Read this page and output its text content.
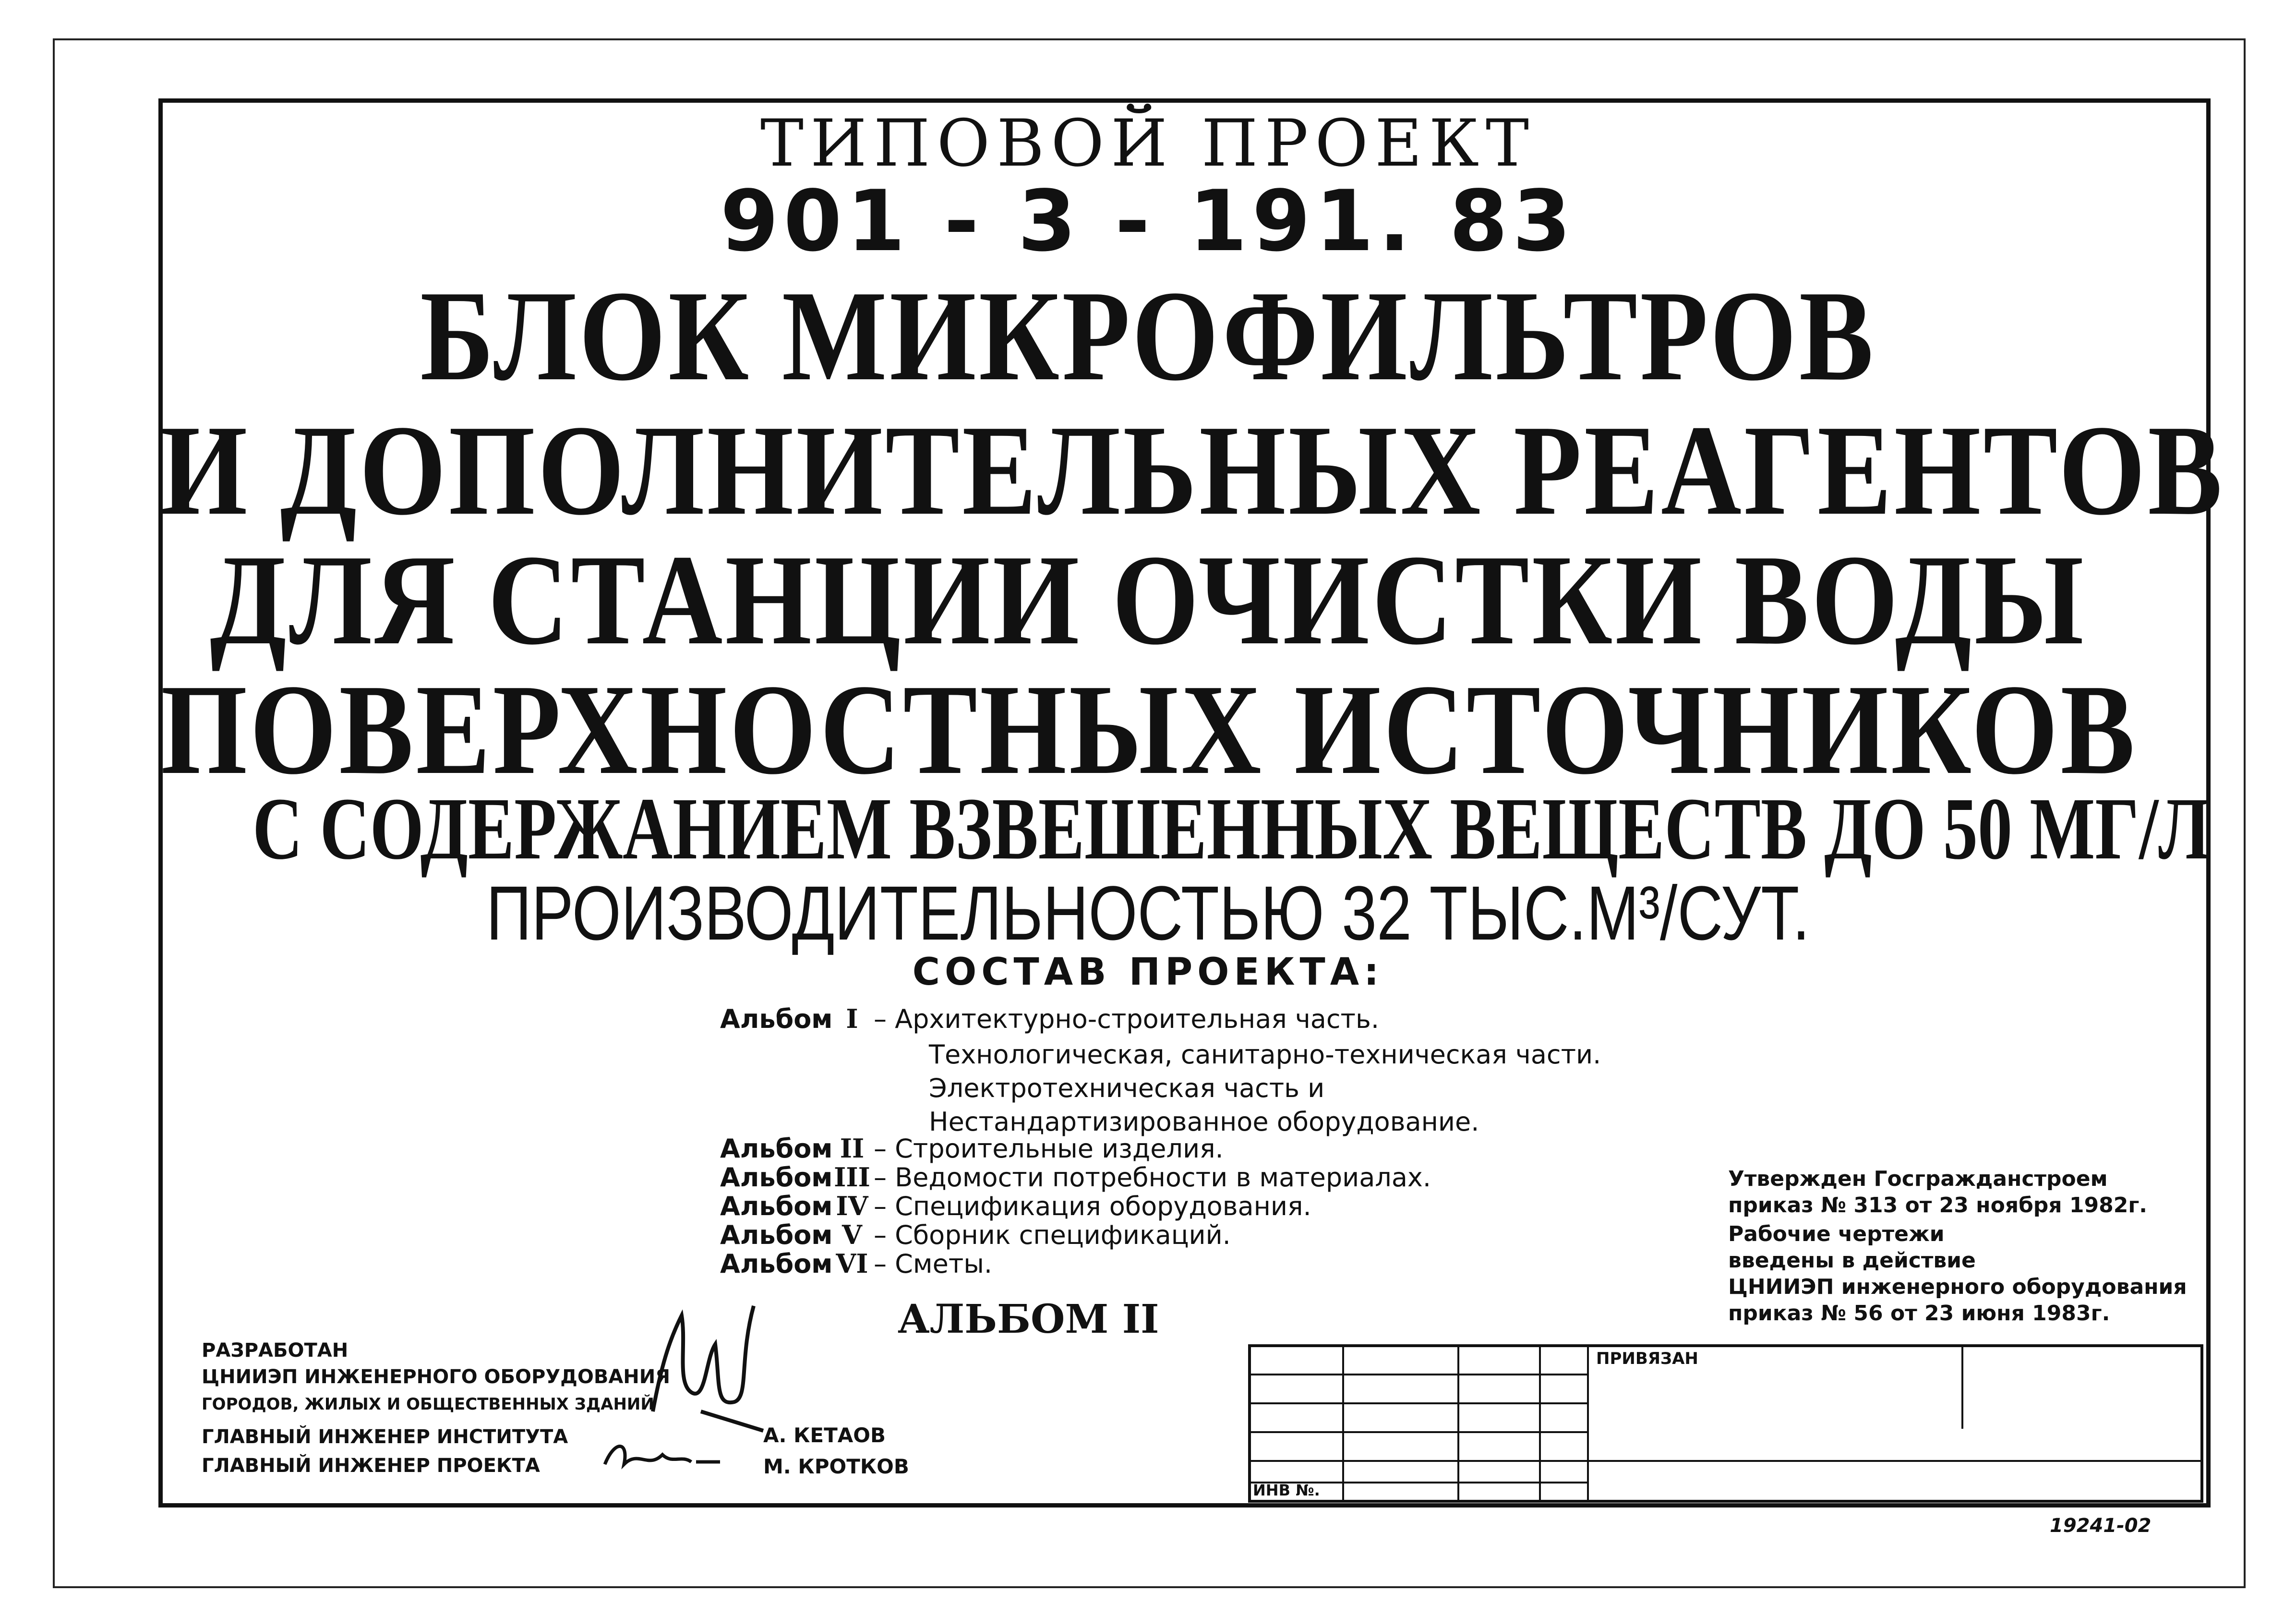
ТИПОВОЙ ПРОЕКТ
901 - 3 - 191. 83
БЛОК МИКРОФИЛЬТРОВ
И ДОПОЛНИТЕЛЬНЫХ РЕАГЕНТОВ
ДЛЯ СТАНЦИИ ОЧИСТКИ ВОДЫ
ПОВЕРХНОСТНЫХ ИСТОЧНИКОВ
С СОДЕРЖАНИЕМ ВЗВЕШЕННЫХ ВЕЩЕСТВ ДО 50 МГ/Л
ПРОИЗВОДИТЕЛЬНОСТЬЮ 32 ТЫС.М³/СУТ.
СОСТАВ ПРОЕКТА:
Альбом I – Архитектурно-строительная часть.
Технологическая, санитарно-техническая части.
Электротехническая часть и
Нестандартизированное оборудование.
Альбом II – Строительные изделия.
АльбомIII – Ведомости потребности в материалах.
Альбом IV – Спецификация оборудования.
Альбом V – Сборник спецификаций.
Альбом VI – Сметы.
АЛЬБОМ II
Утвержден Госгражданстроем
приказ № 313 от 23 ноября 1982г.
Рабочие чертежи
введены в действие
ЦНИИЭП инженерного оборудования
приказ № 56 от 23 июня 1983г.
РАЗРАБОТАН
ЦНИИЭП ИНЖЕНЕРНОГО ОБОРУДОВАНИЯ
ГОРОДОВ, ЖИЛЫХ И ОБЩЕСТВЕННЫХ ЗДАНИЙ
ГЛАВНЫЙ ИНЖЕНЕР ИНСТИТУТА
ГЛАВНЫЙ ИНЖЕНЕР ПРОЕКТА
А. КЕТАОВ
М. КРОТКОВ
ПРИВЯЗАН
ИНВ №.
19241-02
